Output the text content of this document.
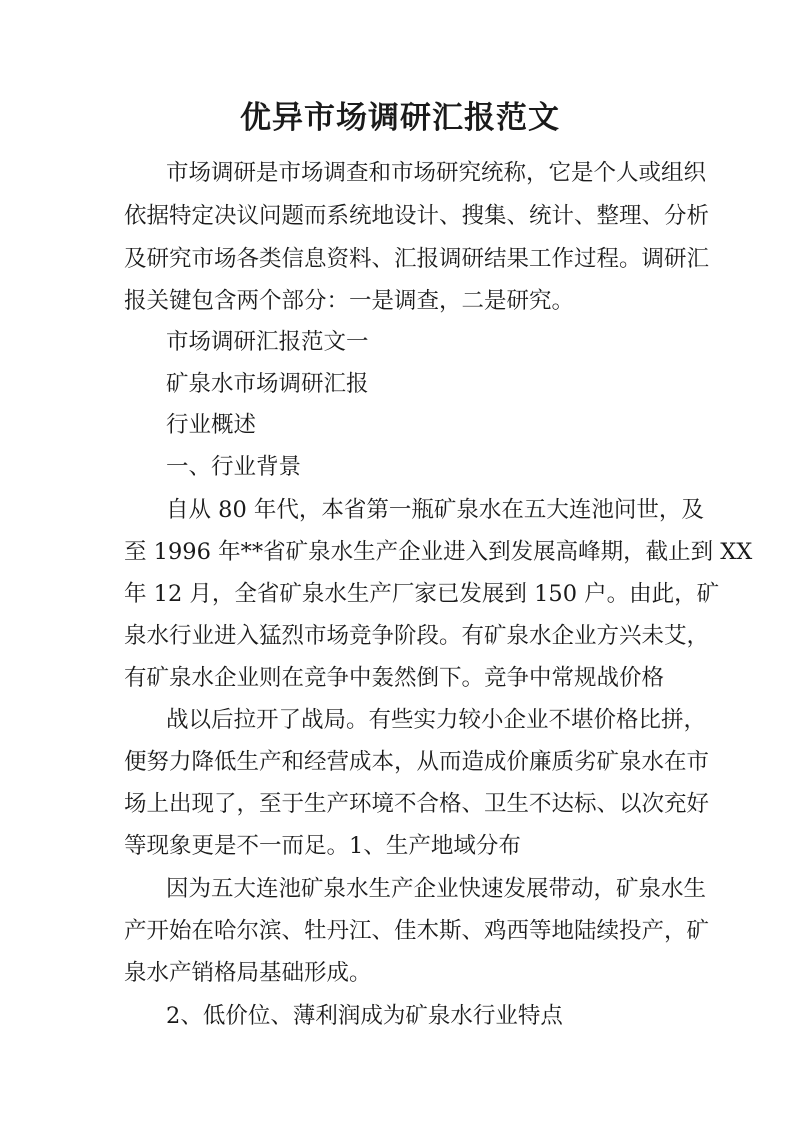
优异市场调研汇报范文
市场调研是市场调查和市场研究统称，它是个人或组织
依据特定决议问题而系统地设计、搜集、统计、整理、分析
及研究市场各类信息资料、汇报调研结果工作过程。调研汇
报关键包含两个部分：一是调查，二是研究。
市场调研汇报范文一
矿泉水市场调研汇报
行业概述
一、行业背景
自从 80 年代，本省第一瓶矿泉水在五大连池问世，及
至 1996 年**省矿泉水生产企业进入到发展高峰期，截止到 XX
年 12 月，全省矿泉水生产厂家已发展到 150 户。由此，矿
泉水行业进入猛烈市场竞争阶段。有矿泉水企业方兴未艾，
有矿泉水企业则在竞争中轰然倒下。竞争中常规战价格
战以后拉开了战局。有些实力较小企业不堪价格比拼，
便努力降低生产和经营成本，从而造成价廉质劣矿泉水在市
场上出现了，至于生产环境不合格、卫生不达标、以次充好
等现象更是不一而足。1、生产地域分布
因为五大连池矿泉水生产企业快速发展带动，矿泉水生
产开始在哈尔滨、牡丹江、佳木斯、鸡西等地陆续投产，矿
泉水产销格局基础形成。
2、低价位、薄利润成为矿泉水行业特点
